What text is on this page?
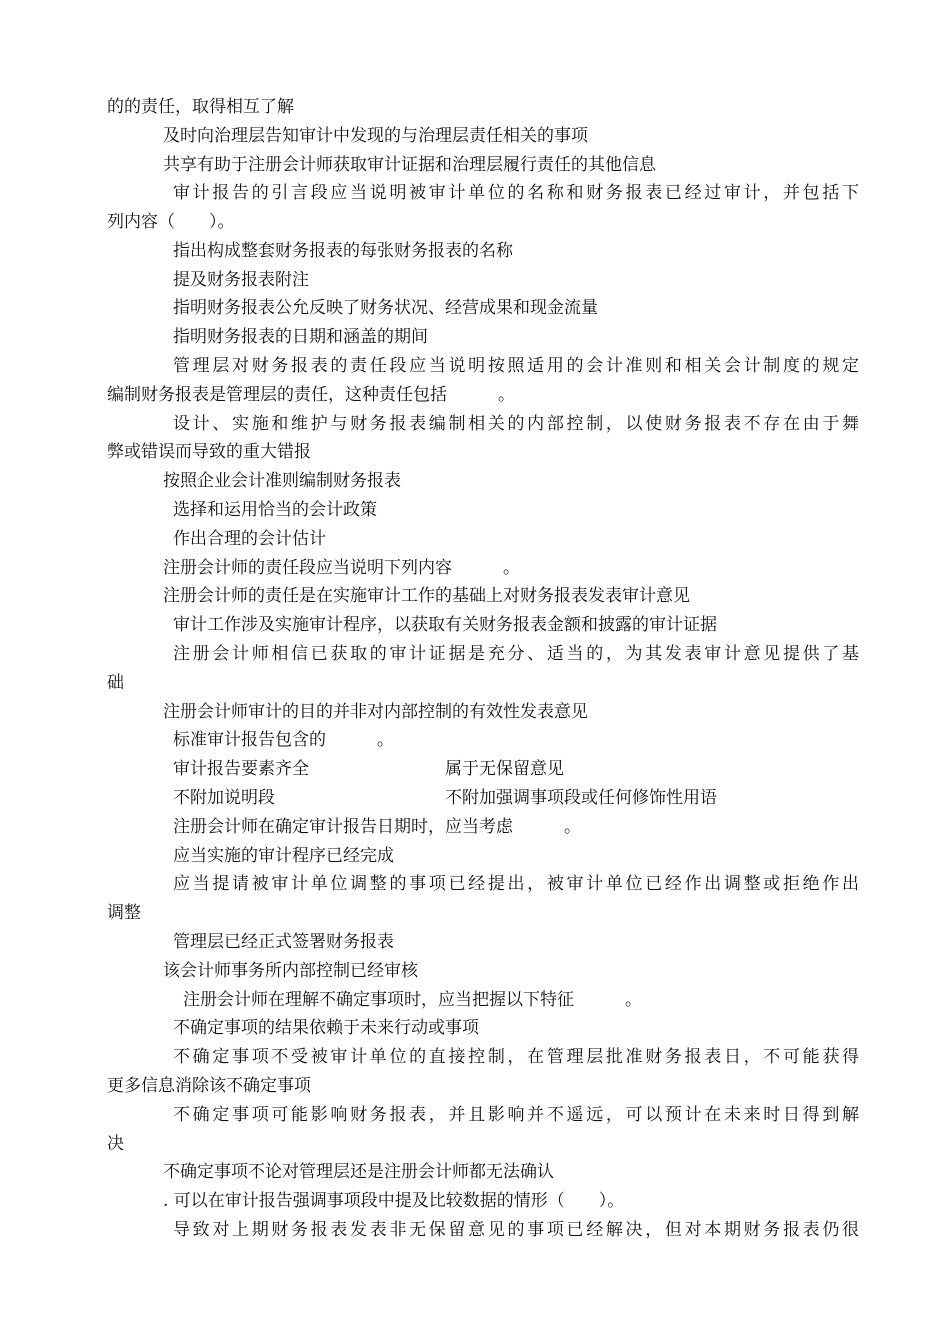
的的责任，取得相互了解
及时向治理层告知审计中发现的与治理层责任相关的事项
共享有助于注册会计师获取审计证据和治理层履行责任的其他信息
审计报告的引言段应当说明被审计单位的名称和财务报表已经过审计，并包括下
列内容（　　）。
指出构成整套财务报表的每张财务报表的名称
提及财务报表附注
指明财务报表公允反映了财务状况、经营成果和现金流量
指明财务报表的日期和涵盖的期间
管理层对财务报表的责任段应当说明按照适用的会计准则和相关会计制度的规定
编制财务报表是管理层的责任，这种责任包括　　　。
设计、实施和维护与财务报表编制相关的内部控制，以使财务报表不存在由于舞
弊或错误而导致的重大错报
按照企业会计准则编制财务报表
选择和运用恰当的会计政策
作出合理的会计估计
注册会计师的责任段应当说明下列内容　　　。
注册会计师的责任是在实施审计工作的基础上对财务报表发表审计意见
审计工作涉及实施审计程序，以获取有关财务报表金额和披露的审计证据
注册会计师相信已获取的审计证据是充分、适当的，为其发表审计意见提供了基
础
注册会计师审计的目的并非对内部控制的有效性发表意见
标准审计报告包含的　　　。
审计报告要素齐全	属于无保留意见
不附加说明段	不附加强调事项段或任何修饰性用语
注册会计师在确定审计报告日期时，应当考虑　　　。
应当实施的审计程序已经完成
应当提请被审计单位调整的事项已经提出，被审计单位已经作出调整或拒绝作出
调整
管理层已经正式签署财务报表
该会计师事务所内部控制已经审核
注册会计师在理解不确定事项时，应当把握以下特征　　　。
不确定事项的结果依赖于未来行动或事项
不确定事项不受被审计单位的直接控制，在管理层批准财务报表日，不可能获得
更多信息消除该不确定事项
不确定事项可能影响财务报表，并且影响并不遥远，可以预计在未来时日得到解
决
不确定事项不论对管理层还是注册会计师都无法确认
. 可以在审计报告强调事项段中提及比较数据的情形（　　）。
导致对上期财务报表发表非无保留意见的事项已经解决，但对本期财务报表仍很
